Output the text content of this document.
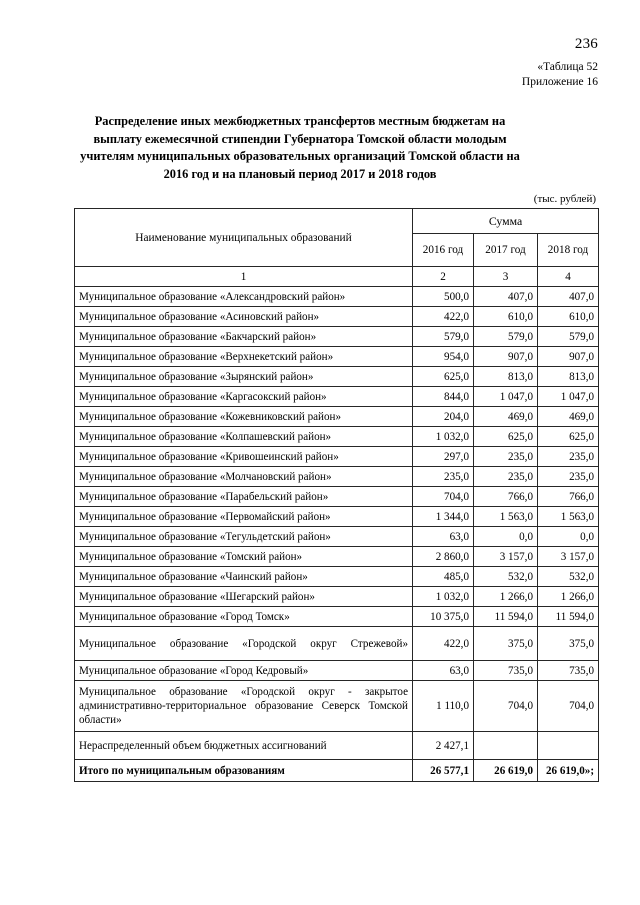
236
«Таблица 52
Приложение 16
Распределение иных межбюджетных трансфертов местным бюджетам на выплату ежемесячной стипендии Губернатора Томской области молодым учителям муниципальных образовательных организаций Томской области на 2016 год и на плановый период 2017 и 2018 годов
(тыс. рублей)
Наименование муниципальных образований	Сумма		
	2016 год	2017 год	2018 год
1	2	3	4
Муниципальное образование «Александровский район»	500,0	407,0	407,0
Муниципальное образование «Асиновский район»	422,0	610,0	610,0
Муниципальное образование «Бакчарский район»	579,0	579,0	579,0
Муниципальное образование «Верхнекетский район»	954,0	907,0	907,0
Муниципальное образование «Зырянский район»	625,0	813,0	813,0
Муниципальное образование «Каргасокский район»	844,0	1 047,0	1 047,0
Муниципальное образование «Кожевниковский район»	204,0	469,0	469,0
Муниципальное образование «Колпашевский район»	1 032,0	625,0	625,0
Муниципальное образование «Кривошеинский район»	297,0	235,0	235,0
Муниципальное образование «Молчановский район»	235,0	235,0	235,0
Муниципальное образование «Парабельский район»	704,0	766,0	766,0
Муниципальное образование «Первомайский район»	1 344,0	1 563,0	1 563,0
Муниципальное образование «Тегульдетский район»	63,0	0,0	0,0
Муниципальное образование «Томский район»	2 860,0	3 157,0	3 157,0
Муниципальное образование «Чаинский район»	485,0	532,0	532,0
Муниципальное образование «Шегарский район»	1 032,0	1 266,0	1 266,0
Муниципальное образование «Город Томск»	10 375,0	11 594,0	11 594,0
Муниципальное образование «Городской округ Стрежевой»	422,0	375,0	375,0
Муниципальное образование «Город Кедровый»	63,0	735,0	735,0
Муниципальное образование «Городской округ - закрытое административно-территориальное образование Северск Томской области»	1 110,0	704,0	704,0
Нераспределенный объем бюджетных ассигнований	2 427,1		
Итого по муниципальным образованиям	26 577,1	26 619,0	26 619,0»;
